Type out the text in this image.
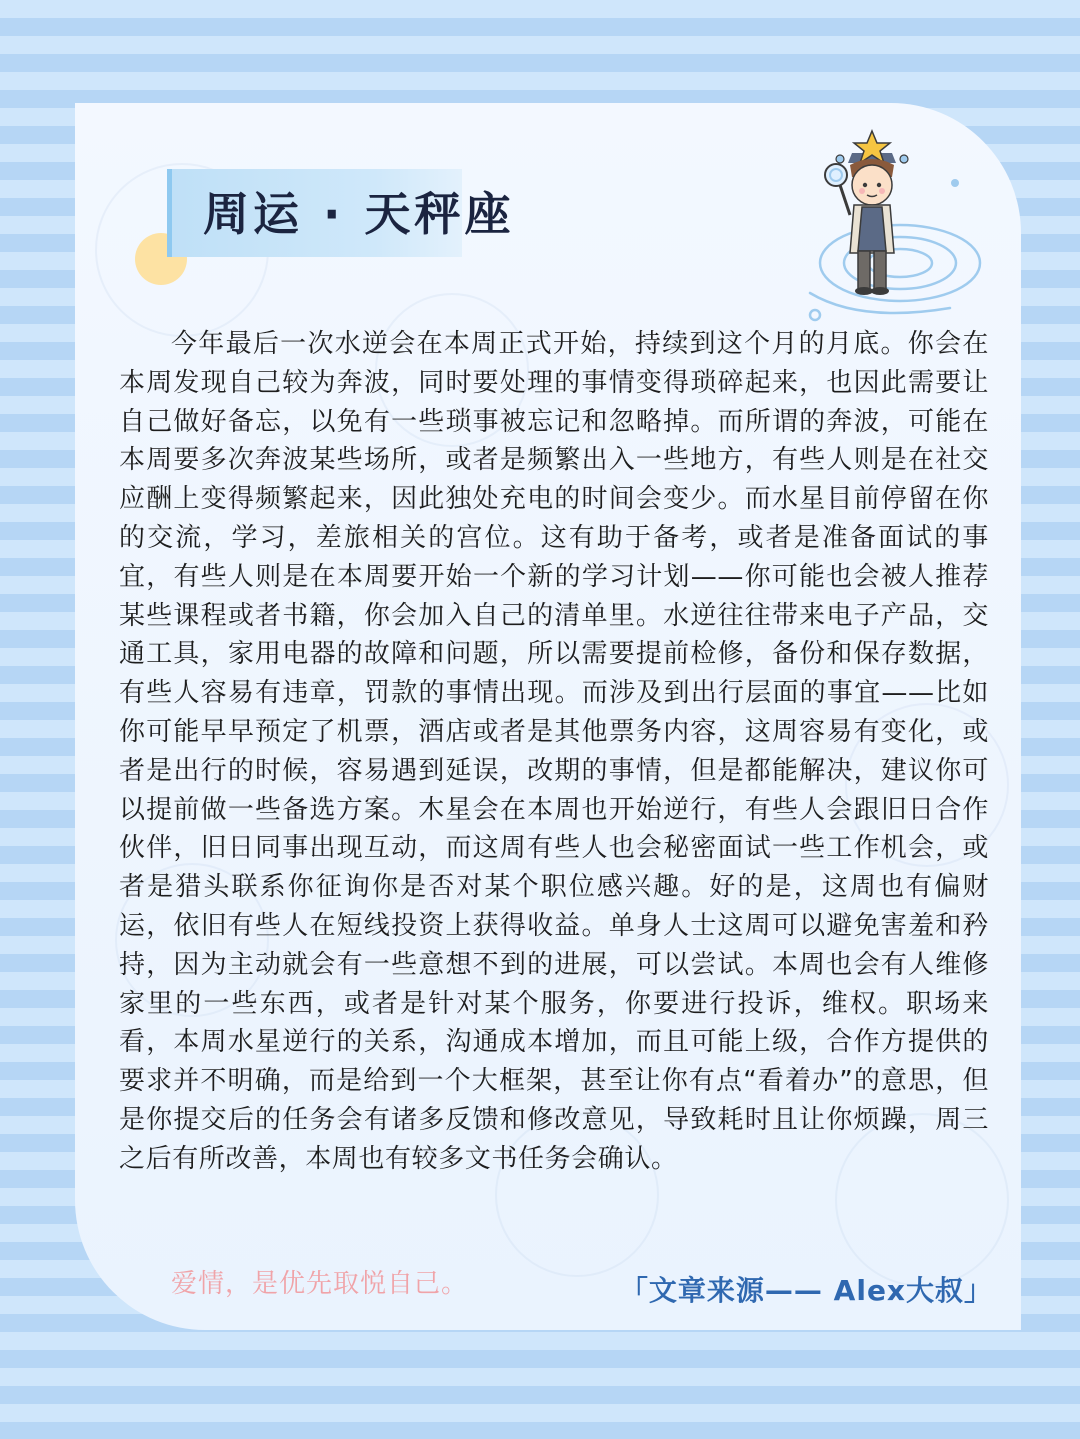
周运 · 天秤座

今年最后一次水逆会在本周正式开始，持续到这个月的月底。你会在本周发现自己较为奔波，同时要处理的事情变得琐碎起来，也因此需要让自己做好备忘，以免有一些琐事被忘记和忽略掉。而所谓的奔波，可能在本周要多次奔波某些场所，或者是频繁出入一些地方，有些人则是在社交应酬上变得频繁起来，因此独处充电的时间会变少。而水星目前停留在你的交流，学习，差旅相关的宫位。这有助于备考，或者是准备面试的事宜，有些人则是在本周要开始一个新的学习计划——你可能也会被人推荐某些课程或者书籍，你会加入自己的清单里。水逆往往带来电子产品，交通工具，家用电器的故障和问题，所以需要提前检修，备份和保存数据，有些人容易有违章，罚款的事情出现。而涉及到出行层面的事宜——比如你可能早早预定了机票，酒店或者是其他票务内容，这周容易有变化，或者是出行的时候，容易遇到延误，改期的事情，但是都能解决，建议你可以提前做一些备选方案。木星会在本周也开始逆行，有些人会跟旧日合作伙伴，旧日同事出现互动，而这周有些人也会秘密面试一些工作机会，或者是猎头联系你征询你是否对某个职位感兴趣。好的是，这周也有偏财运，依旧有些人在短线投资上获得收益。单身人士这周可以避免害羞和矜持，因为主动就会有一些意想不到的进展，可以尝试。本周也会有人维修家里的一些东西，或者是针对某个服务，你要进行投诉，维权。职场来看，本周水星逆行的关系，沟通成本增加，而且可能上级，合作方提供的要求并不明确，而是给到一个大框架，甚至让你有点“看着办”的意思，但是你提交后的任务会有诸多反馈和修改意见，导致耗时且让你烦躁，周三之后有所改善，本周也有较多文书任务会确认。

爱情，是优先取悦自己。	「文章来源—— Alex大叔」
